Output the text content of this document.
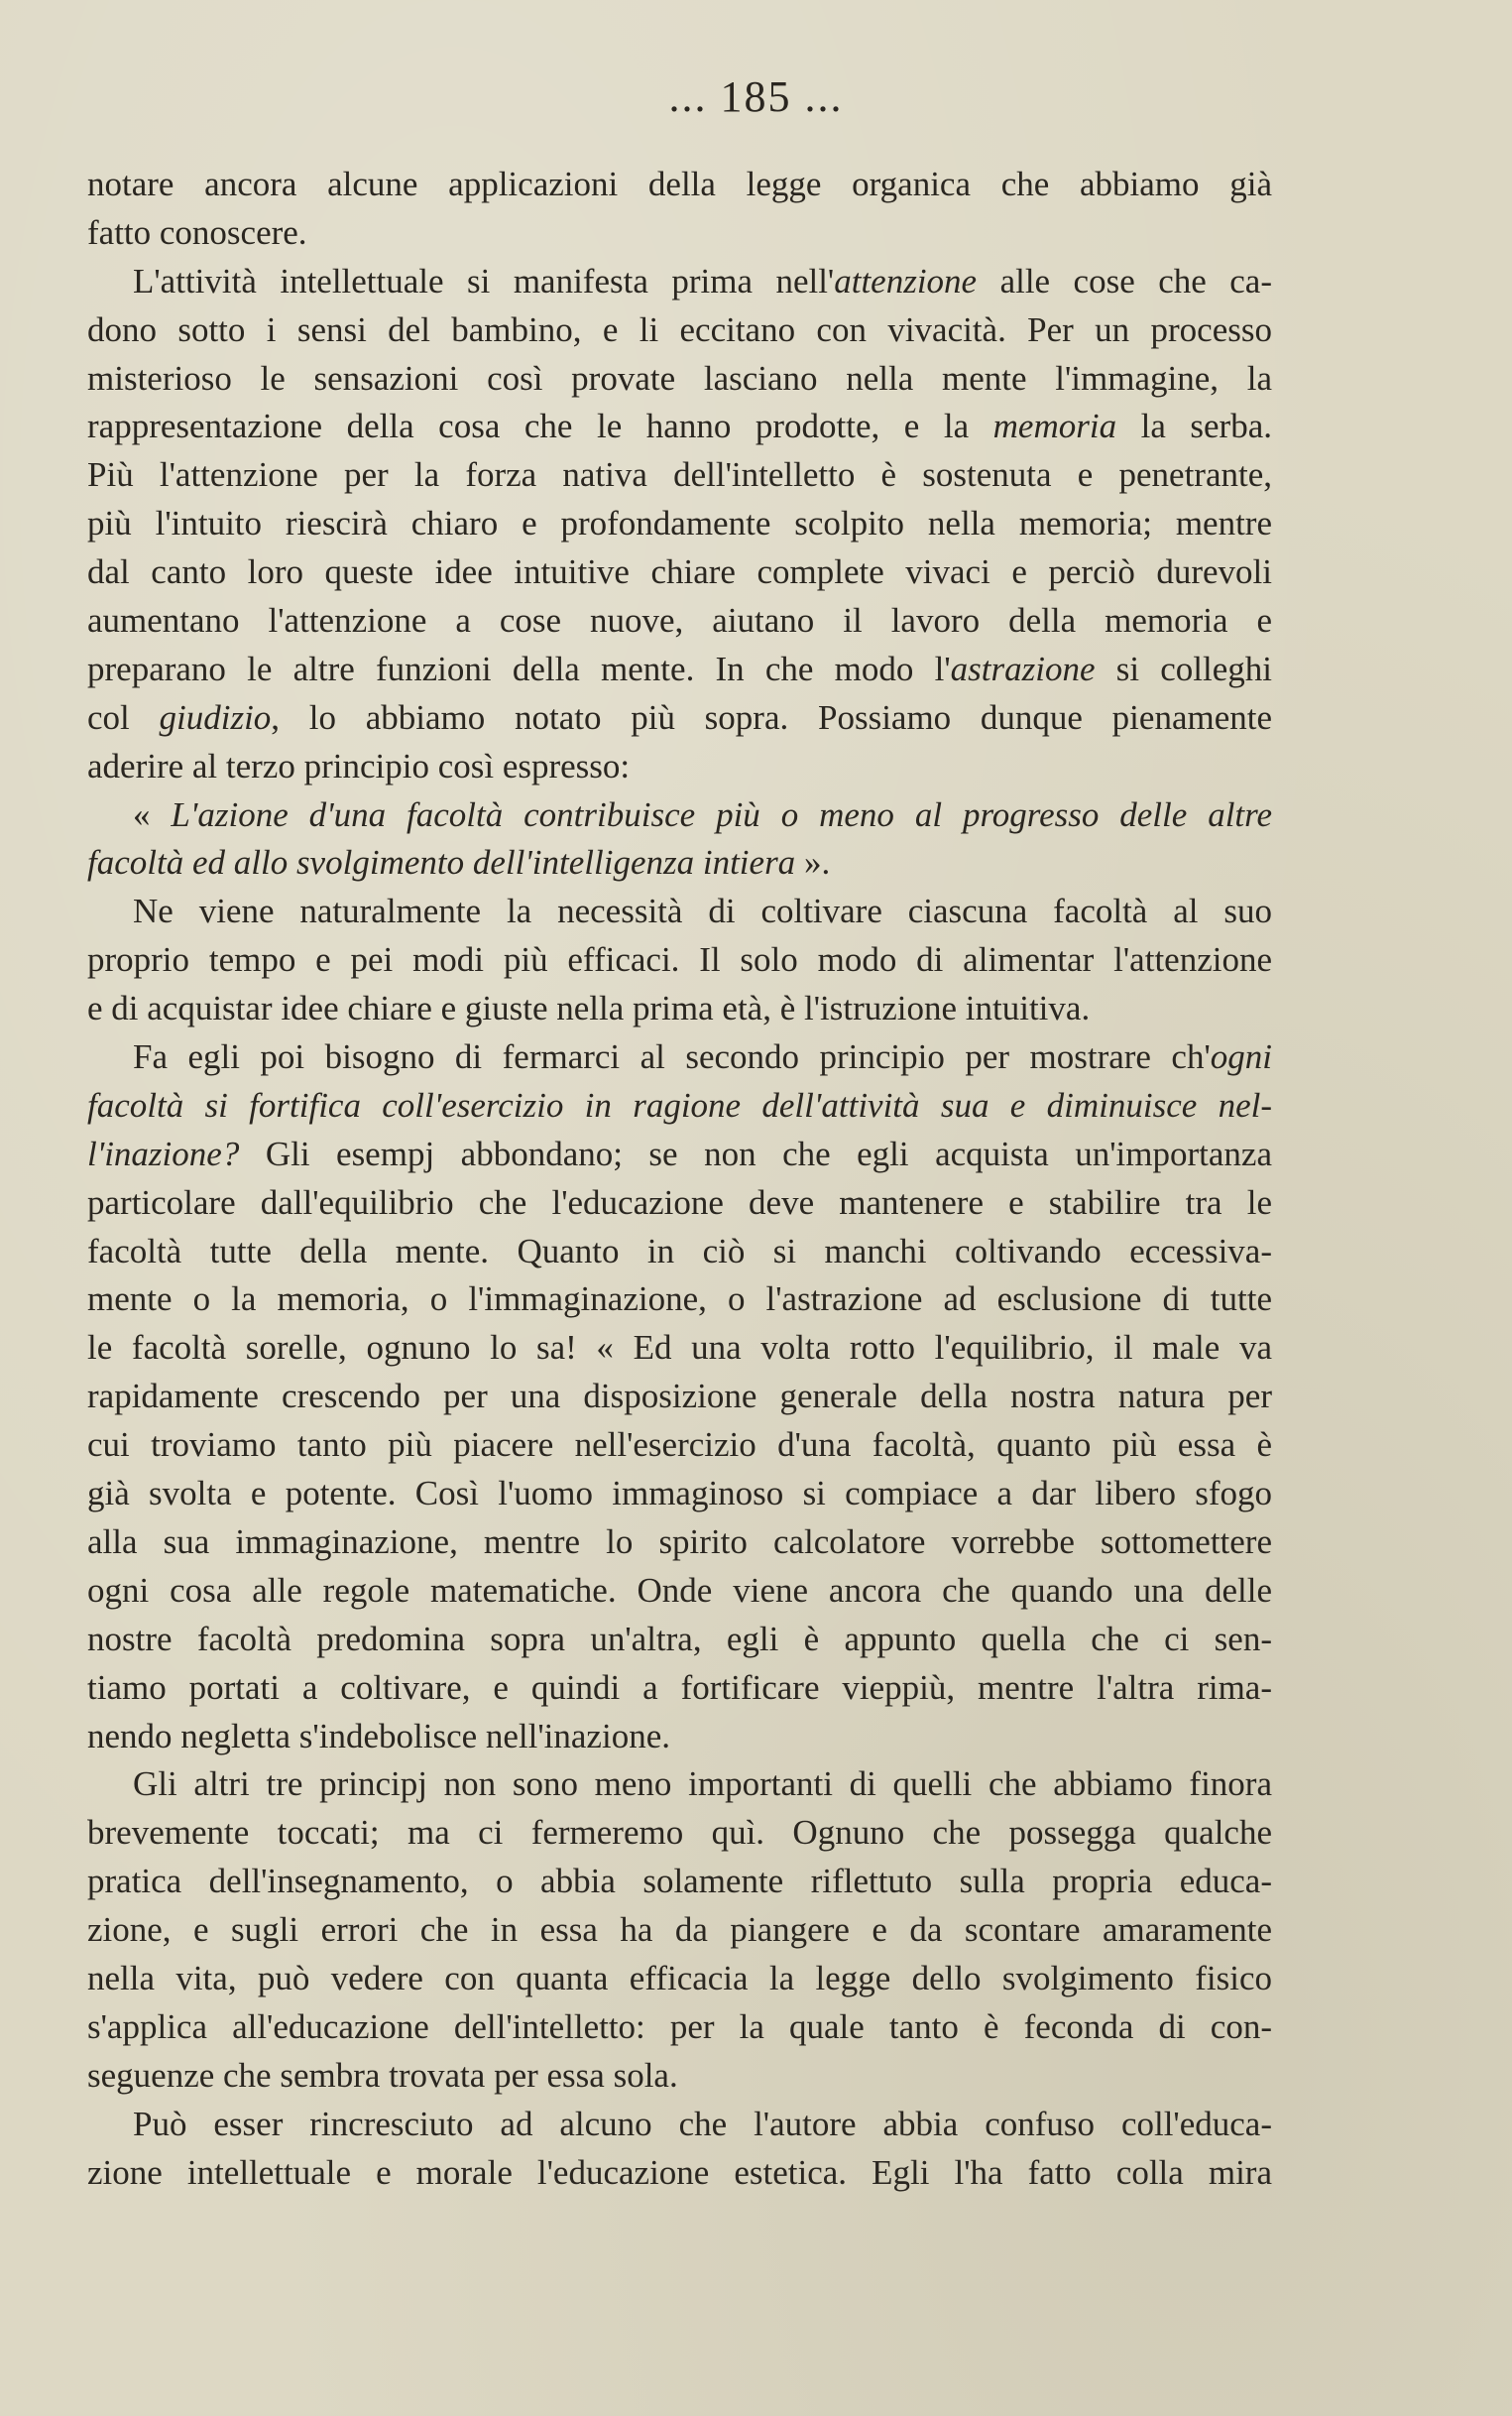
... 185 ...
notare ancora alcune applicazioni della legge organica che abbiamo già
fatto conoscere.
L'attività intellettuale si manifesta prima nell'attenzione alle cose che ca-
dono sotto i sensi del bambino, e li eccitano con vivacità. Per un processo
misterioso le sensazioni così provate lasciano nella mente l'immagine, la
rappresentazione della cosa che le hanno prodotte, e la memoria la serba.
Più l'attenzione per la forza nativa dell'intelletto è sostenuta e penetrante,
più l'intuito riescirà chiaro e profondamente scolpito nella memoria; mentre
dal canto loro queste idee intuitive chiare complete vivaci e perciò durevoli
aumentano l'attenzione a cose nuove, aiutano il lavoro della memoria e
preparano le altre funzioni della mente. In che modo l'astrazione si colleghi
col giudizio, lo abbiamo notato più sopra. Possiamo dunque pienamente
aderire al terzo principio così espresso:
« L'azione d'una facoltà contribuisce più o meno al progresso delle altre
facoltà ed allo svolgimento dell'intelligenza intiera ».
Ne viene naturalmente la necessità di coltivare ciascuna facoltà al suo
proprio tempo e pei modi più efficaci. Il solo modo di alimentar l'attenzione
e di acquistar idee chiare e giuste nella prima età, è l'istruzione intuitiva.
Fa egli poi bisogno di fermarci al secondo principio per mostrare ch'ogni
facoltà si fortifica coll'esercizio in ragione dell'attività sua e diminuisce nel-
l'inazione? Gli esempj abbondano; se non che egli acquista un'importanza
particolare dall'equilibrio che l'educazione deve mantenere e stabilire tra le
facoltà tutte della mente. Quanto in ciò si manchi coltivando eccessiva-
mente o la memoria, o l'immaginazione, o l'astrazione ad esclusione di tutte
le facoltà sorelle, ognuno lo sa! « Ed una volta rotto l'equilibrio, il male va
rapidamente crescendo per una disposizione generale della nostra natura per
cui troviamo tanto più piacere nell'esercizio d'una facoltà, quanto più essa è
già svolta e potente. Così l'uomo immaginoso si compiace a dar libero sfogo
alla sua immaginazione, mentre lo spirito calcolatore vorrebbe sottomettere
ogni cosa alle regole matematiche. Onde viene ancora che quando una delle
nostre facoltà predomina sopra un'altra, egli è appunto quella che ci sen-
tiamo portati a coltivare, e quindi a fortificare vieppiù, mentre l'altra rima-
nendo negletta s'indebolisce nell'inazione.
Gli altri tre principj non sono meno importanti di quelli che abbiamo finora
brevemente toccati; ma ci fermeremo quì. Ognuno che possegga qualche
pratica dell'insegnamento, o abbia solamente riflettuto sulla propria educa-
zione, e sugli errori che in essa ha da piangere e da scontare amaramente
nella vita, può vedere con quanta efficacia la legge dello svolgimento fisico
s'applica all'educazione dell'intelletto: per la quale tanto è feconda di con-
seguenze che sembra trovata per essa sola.
Può esser rincresciuto ad alcuno che l'autore abbia confuso coll'educa-
zione intellettuale e morale l'educazione estetica. Egli l'ha fatto colla mira
